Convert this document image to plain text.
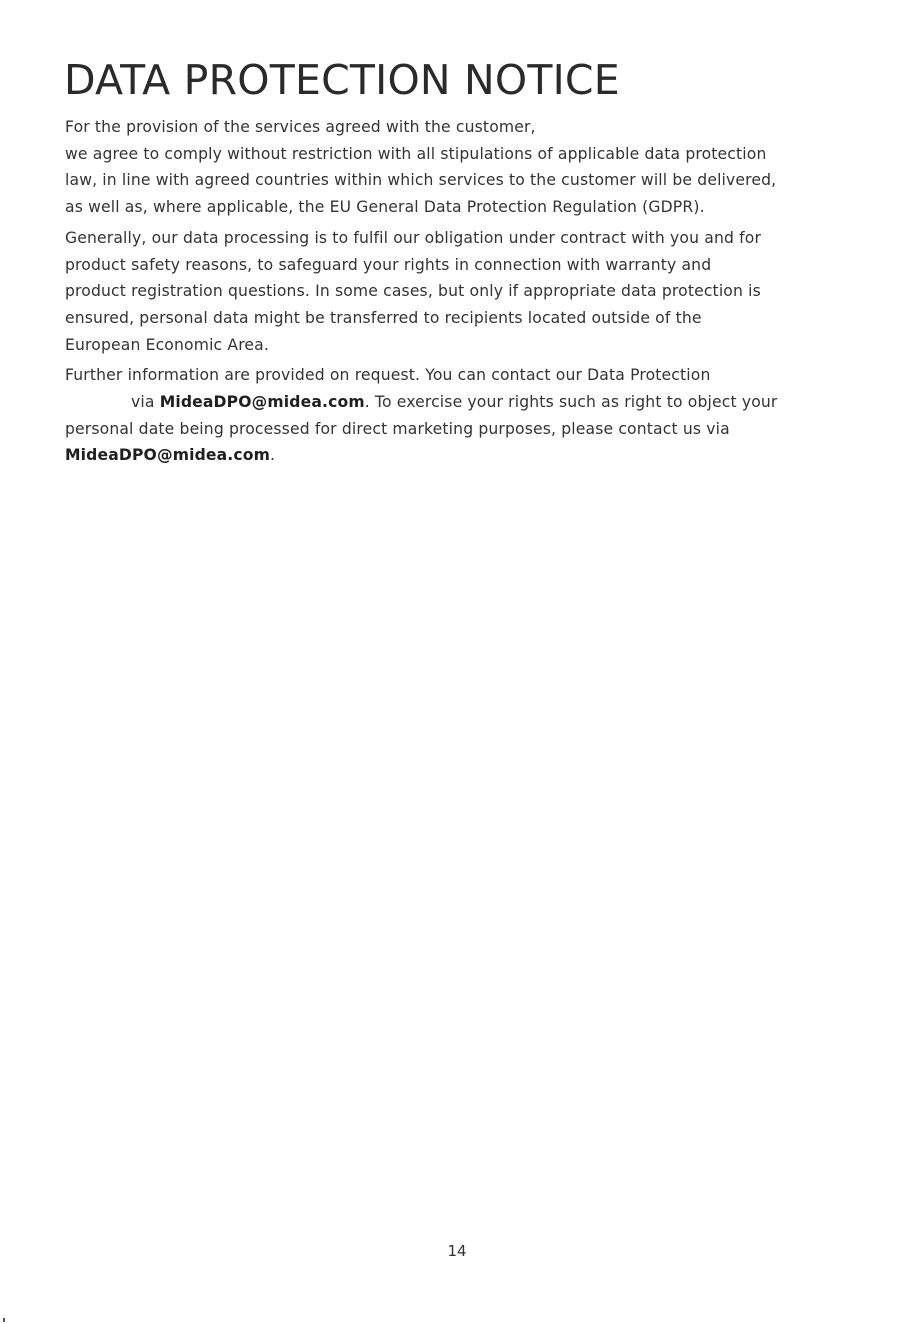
DATA PROTECTION NOTICE

For the provision of the services agreed with the customer,
we agree to comply without restriction with all stipulations of applicable data protection
law, in line with agreed countries within which services to the customer will be delivered,
as well as, where applicable, the EU General Data Protection Regulation (GDPR).

Generally, our data processing is to fulfil our obligation under contract with you and for
product safety reasons, to safeguard your rights in connection with warranty and
product registration questions. In some cases, but only if appropriate data protection is
ensured, personal data might be transferred to recipients located outside of the
European Economic Area.

Further information are provided on request. You can contact our Data Protection
via MideaDPO@midea.com. To exercise your rights such as right to object your
personal date being processed for direct marketing purposes, please contact us via
MideaDPO@midea.com.

14
